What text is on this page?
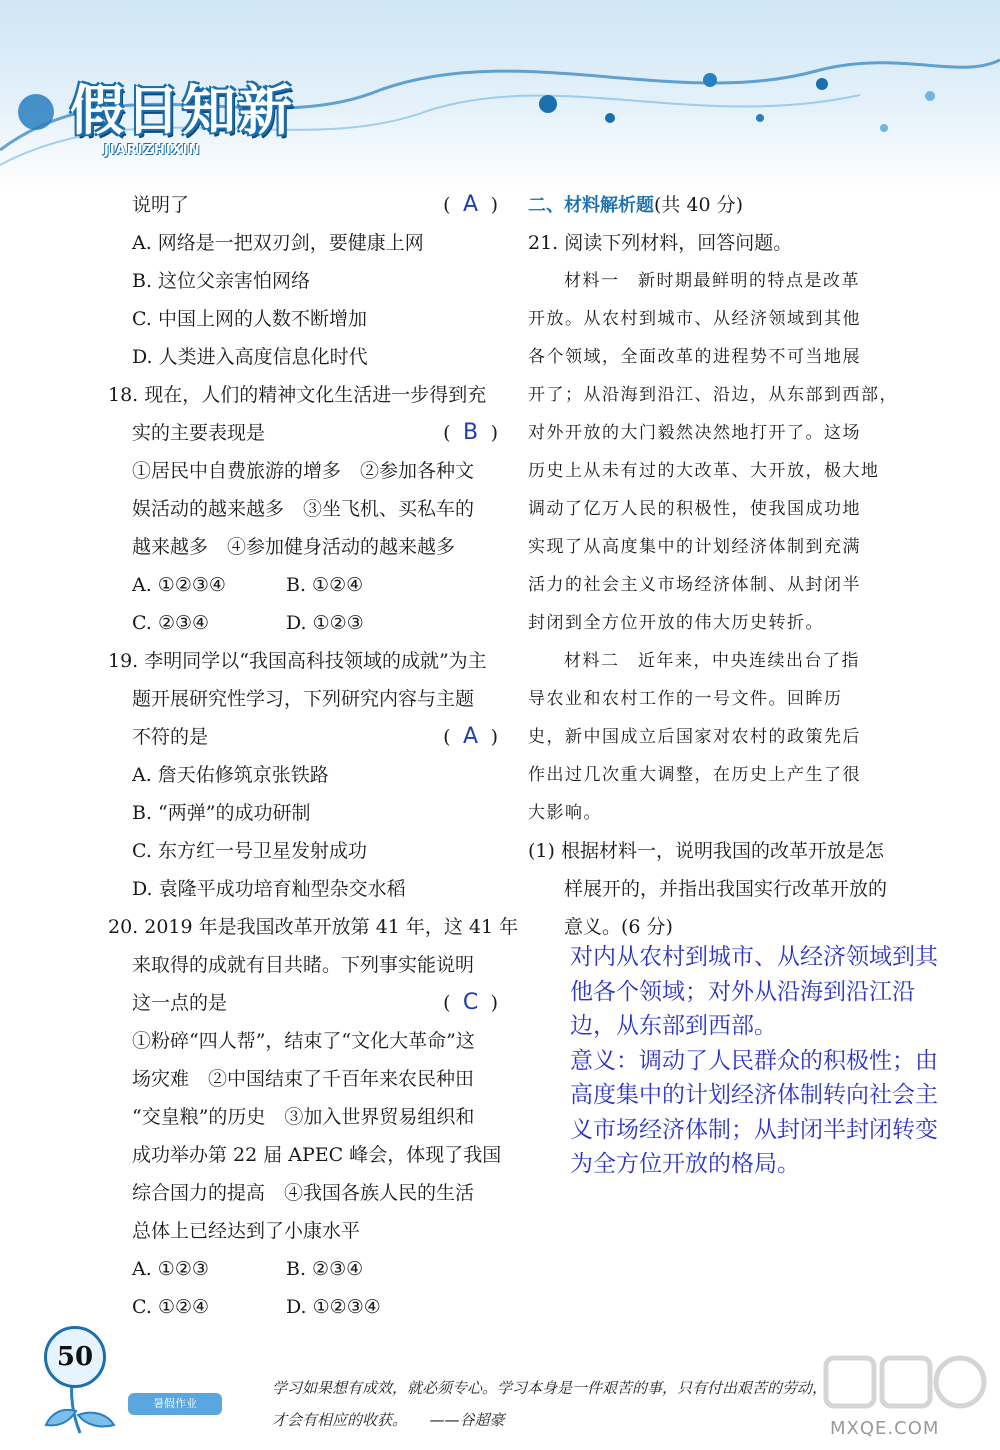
假日知新
JIARIZHIXIN
说明了	( A )
A. 网络是一把双刃剑，要健康上网
B. 这位父亲害怕网络
C. 中国上网的人数不断增加
D. 人类进入高度信息化时代
18. 现在，人们的精神文化生活进一步得到充
实的主要表现是	( B )
①居民中自费旅游的增多　②参加各种文
娱活动的越来越多　③坐飞机、买私车的
越来越多　④参加健身活动的越来越多
A. ①②③④	B. ①②④
C. ②③④	D. ①②③
19. 李明同学以“我国高科技领域的成就”为主
题开展研究性学习，下列研究内容与主题
不符的是	( A )
A. 詹天佑修筑京张铁路
B. “两弹”的成功研制
C. 东方红一号卫星发射成功
D. 袁隆平成功培育籼型杂交水稻
20. 2019 年是我国改革开放第 41 年，这 41 年
来取得的成就有目共睹。下列事实能说明
这一点的是	( C )
①粉碎“四人帮”，结束了“文化大革命”这
场灾难　②中国结束了千百年来农民种田
“交皇粮”的历史　③加入世界贸易组织和
成功举办第 22 届 APEC 峰会，体现了我国
综合国力的提高　④我国各族人民的生活
总体上已经达到了小康水平
A. ①②③	B. ②③④
C. ①②④	D. ①②③④
二、材料解析题(共 40 分)
21. 阅读下列材料，回答问题。
材料一　 新时期最鲜明的特点是改革
开放。从农村到城市、从经济领域到其他
各个领域，全面改革的进程势不可当地展
开了；从沿海到沿江、沿边，从东部到西部，
对外开放的大门毅然决然地打开了。这场
历史上从未有过的大改革、大开放，极大地
调动了亿万人民的积极性，使我国成功地
实现了从高度集中的计划经济体制到充满
活力的社会主义市场经济体制、从封闭半
封闭到全方位开放的伟大历史转折。
材料二　 近年来，中央连续出台了指
导农业和农村工作的一号文件。回眸历
史，新中国成立后国家对农村的政策先后
作出过几次重大调整，在历史上产生了很
大影响。
(1) 根据材料一，说明我国的改革开放是怎
样展开的，并指出我国实行改革开放的
意义。(6 分)
对内从农村到城市、从经济领域到其
他各个领域；对外从沿海到沿江沿
边，从东部到西部。
意义：调动了人民群众的积极性；由
高度集中的计划经济体制转向社会主
义市场经济体制；从封闭半封闭转变
为全方位开放的格局。
50
暑假作业
学习如果想有成效，就必须专心。学习本身是一件艰苦的事，只有付出艰苦的劳动，
才会有相应的收获。　　——谷超豪	MXQE.COM
